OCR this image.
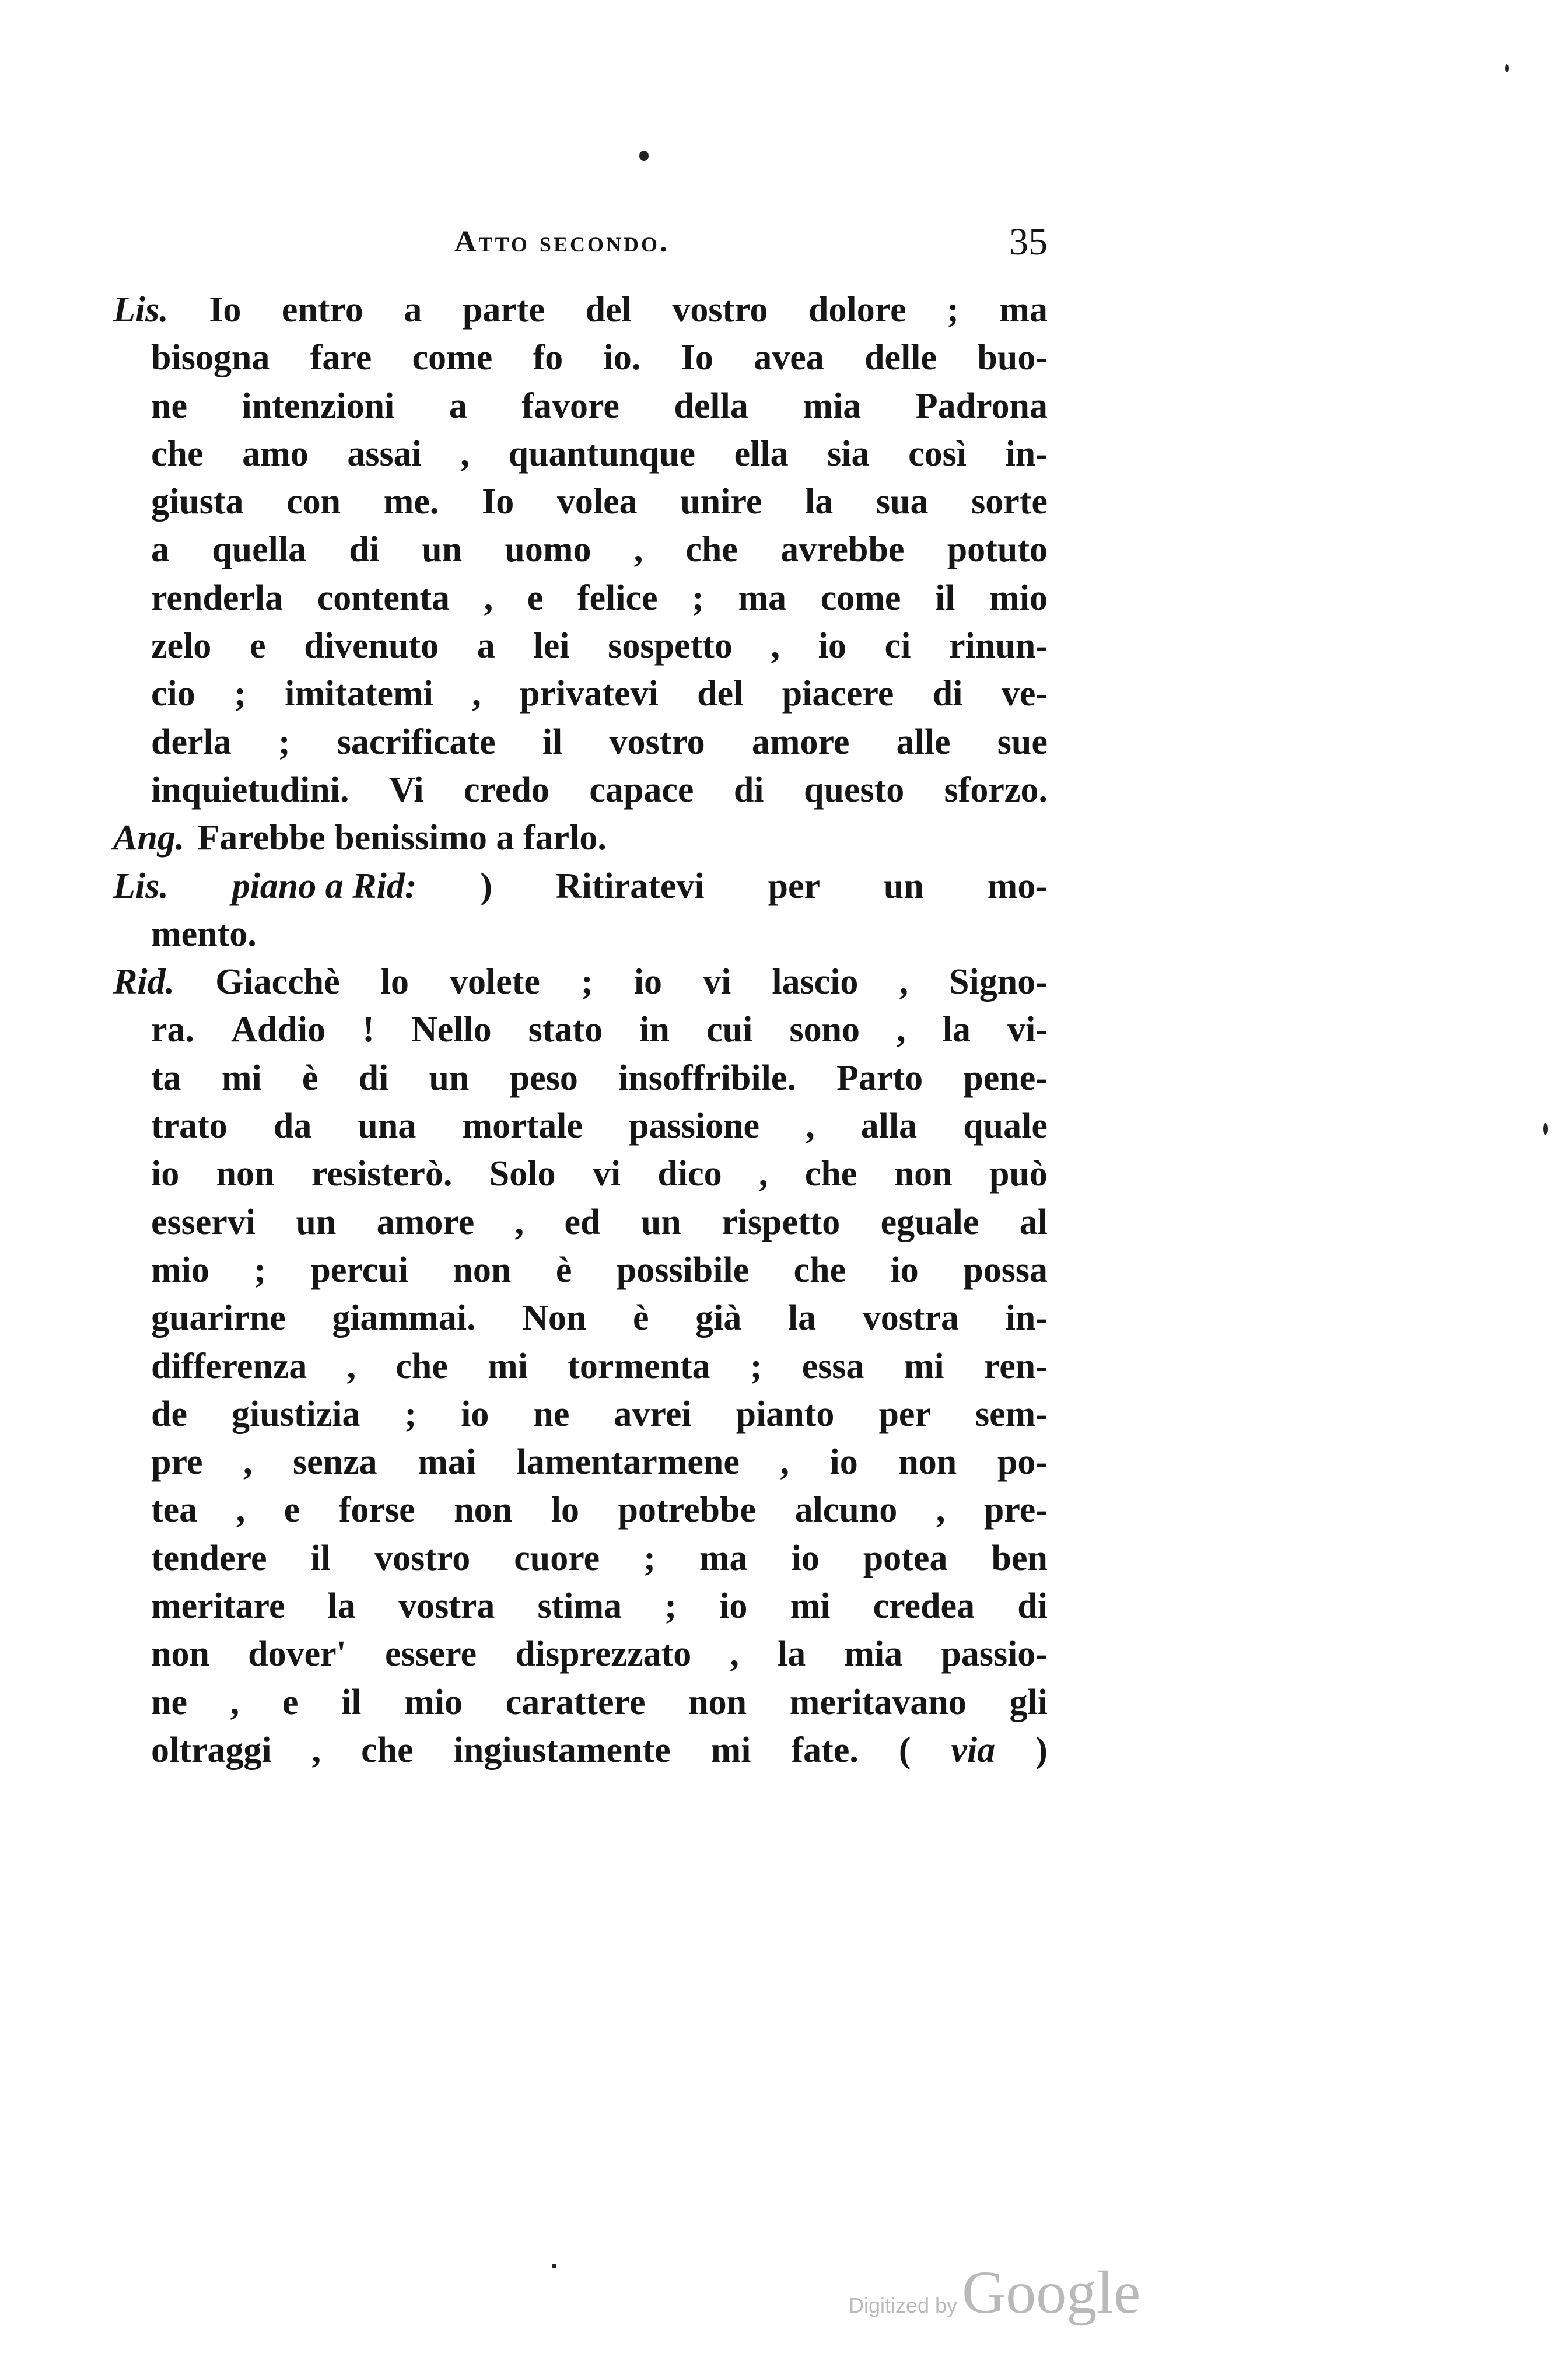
Atto secondo.	35
Lis. Io entro a parte del vostro dolore ; ma
bisogna fare come fo io. Io avea delle buo-
ne intenzioni a favore della mia Padrona
che amo assai , quantunque ella sia così in-
giusta con me. Io volea unire la sua sorte
a quella di un uomo , che avrebbe potuto
renderla contenta , e felice ; ma come il mio
zelo e divenuto a lei sospetto , io ci rinun-
cio ; imitatemi , privatevi del piacere di ve-
derla ; sacrificate il vostro amore alle sue
inquietudini. Vi credo capace di questo sforzo.
Ang. Farebbe benissimo a farlo.
Lis. piano a Rid: ) Ritiratevi per un mo-
mento.
Rid. Giacchè lo volete ; io vi lascio , Signo-
ra. Addio ! Nello stato in cui sono , la vi-
ta mi è di un peso insoffribile. Parto pene-
trato da una mortale passione , alla quale
io non resisterò. Solo vi dico , che non può
esservi un amore , ed un rispetto eguale al
mio ; percui non è possibile che io possa
guarirne giammai. Non è già la vostra in-
differenza , che mi tormenta ; essa mi ren-
de giustizia ; io ne avrei pianto per sem-
pre , senza mai lamentarmene , io non po-
tea , e forse non lo potrebbe alcuno , pre-
tendere il vostro cuore ; ma io potea ben
meritare la vostra stima ; io mi credea di
non dover' essere disprezzato , la mia passio-
ne , e il mio carattere non meritavano gli
oltraggi , che ingiustamente mi fate. ( via )
Digitized byGoogle
